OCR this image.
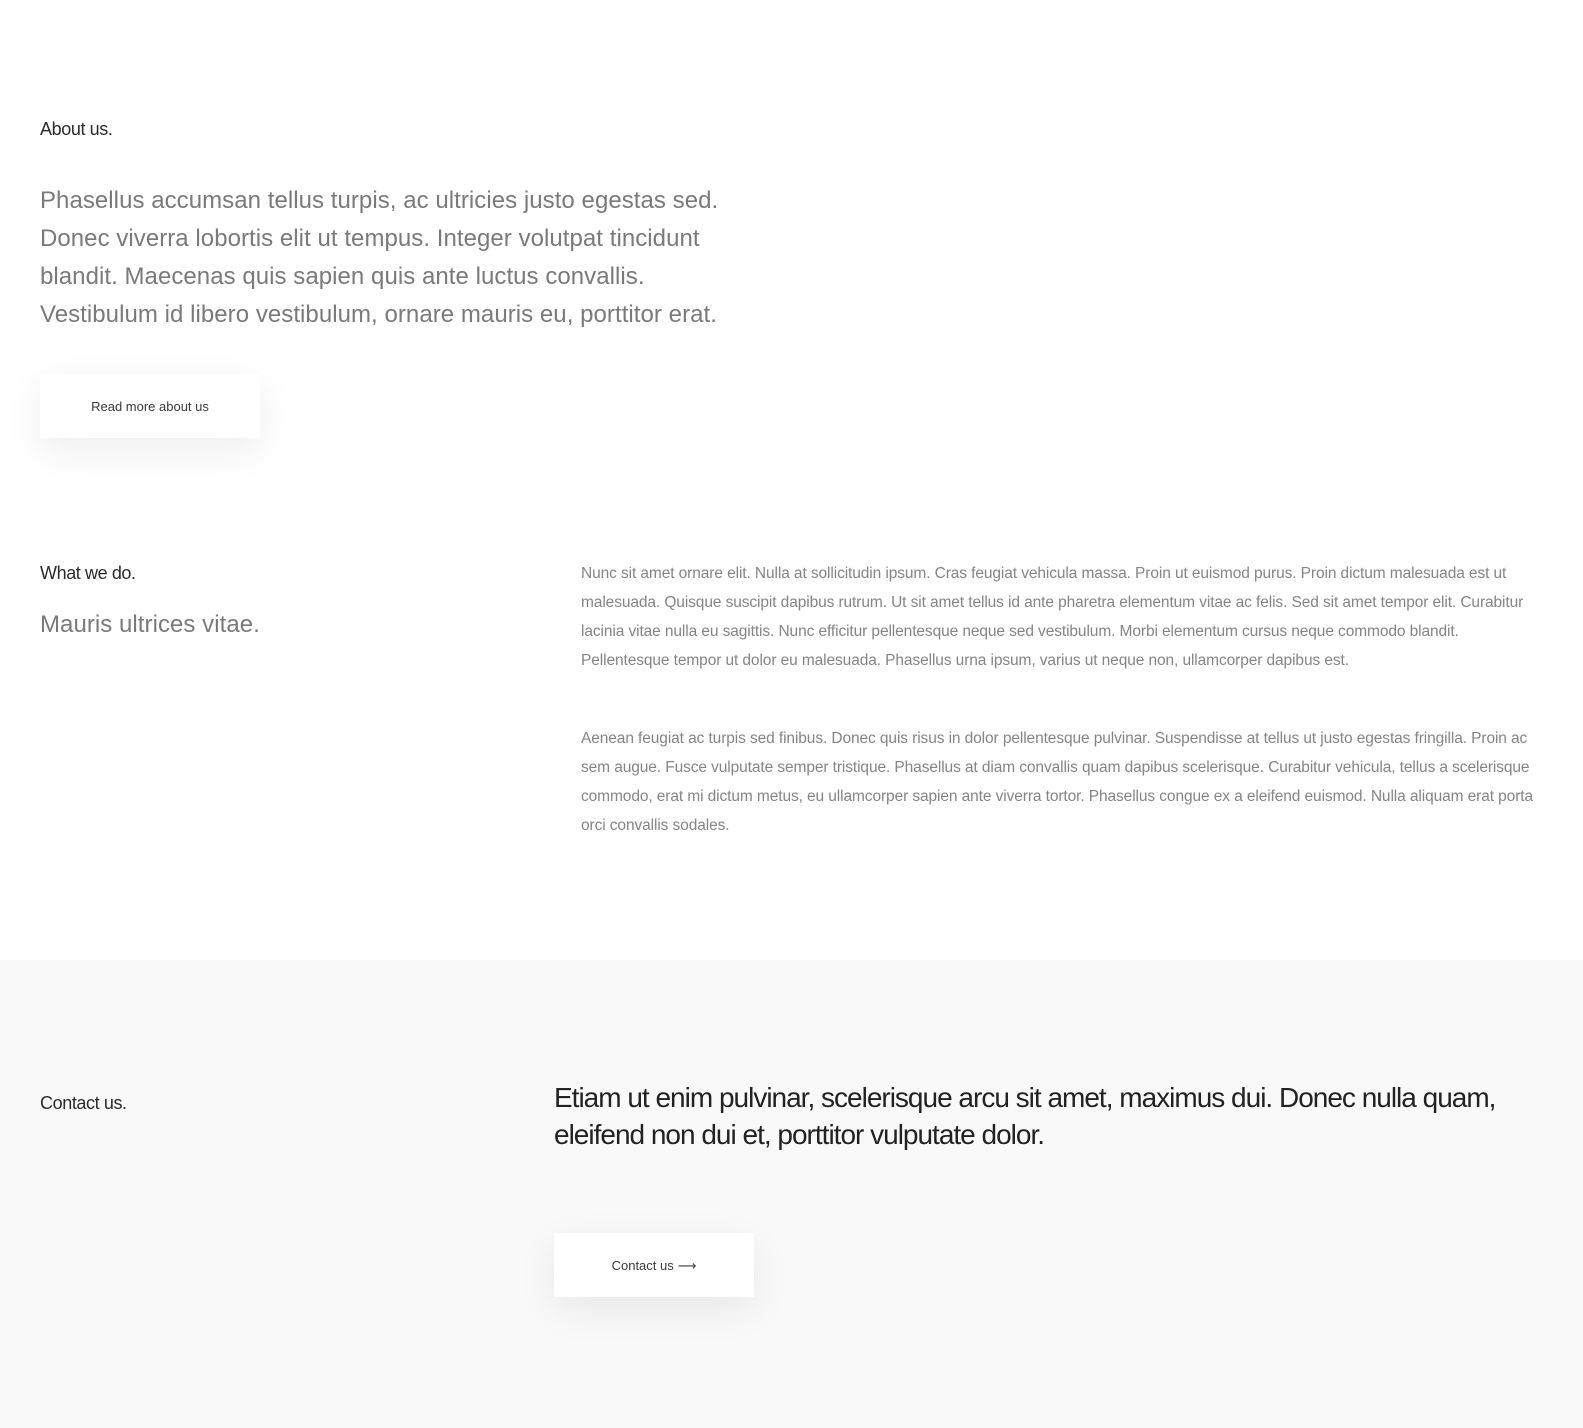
About us.

Phasellus accumsan tellus turpis, ac ultricies justo egestas sed. Donec viverra lobortis elit ut tempus. Integer volutpat tincidunt blandit. Maecenas quis sapien quis ante luctus convallis. Vestibulum id libero vestibulum, ornare mauris eu, porttitor erat.

Read more about us
What we do.

Mauris ultrices vitae.

Nunc sit amet ornare elit. Nulla at sollicitudin ipsum. Cras feugiat vehicula massa. Proin ut euismod purus. Proin dictum malesuada est ut malesuada. Quisque suscipit dapibus rutrum. Ut sit amet tellus id ante pharetra elementum vitae ac felis. Sed sit amet tempor elit. Curabitur lacinia vitae nulla eu sagittis. Nunc efficitur pellentesque neque sed vestibulum. Morbi elementum cursus neque commodo blandit. Pellentesque tempor ut dolor eu malesuada. Phasellus urna ipsum, varius ut neque non, ullamcorper dapibus est.

Aenean feugiat ac turpis sed finibus. Donec quis risus in dolor pellentesque pulvinar. Suspendisse at tellus ut justo egestas fringilla. Proin ac sem augue. Fusce vulputate semper tristique. Phasellus at diam convallis quam dapibus scelerisque. Curabitur vehicula, tellus a scelerisque commodo, erat mi dictum metus, eu ullamcorper sapien ante viverra tortor. Phasellus congue ex a eleifend euismod. Nulla aliquam erat porta orci convallis sodales.

Contact us.	Etiam ut enim pulvinar, scelerisque arcu sit amet, maximus dui. Donec nulla quam, eleifend non dui et, porttitor vulputate dolor.

Contact us ⟶
